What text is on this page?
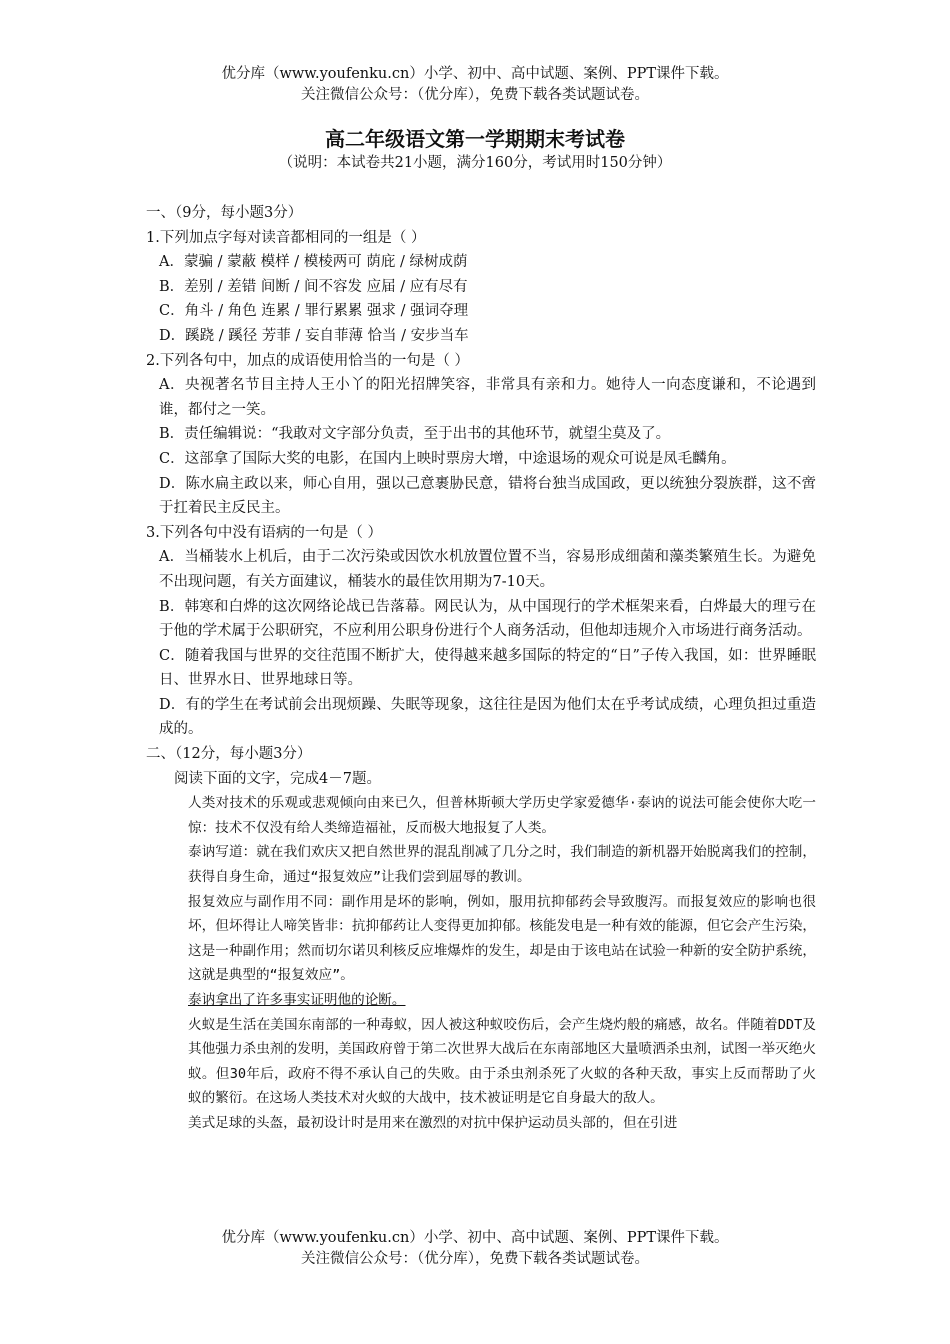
优分库（www.youfenku.cn）小学、初中、高中试题、案例、PPT课件下载。
关注微信公众号：（优分库），免费下载各类试题试卷。
高二年级语文第一学期期末考试卷
（说明：本试卷共21小题，满分160分，考试用时150分钟）

一、（9分，每小题3分）

1.下列加点字每对读音都相同的一组是（ ）

A．蒙骗 / 蒙蔽 模样 / 模棱两可 荫庇 / 绿树成荫

B．差别 / 差错 间断 / 间不容发 应届 / 应有尽有

C．角斗 / 角色 连累 / 罪行累累 强求 / 强词夺理

D．蹊跷 / 蹊径 芳菲 / 妄自菲薄 恰当 / 安步当车

2.下列各句中，加点的成语使用恰当的一句是（ ）

A．央视著名节目主持人王小丫的阳光招牌笑容，非常具有亲和力。她待人一向态度谦和，不论遇到谁，都付之一笑。

B．责任编辑说：“我敢对文字部分负责，至于出书的其他环节，就望尘莫及了。

C．这部拿了国际大奖的电影，在国内上映时票房大增，中途退场的观众可说是凤毛麟角。

D．陈水扁主政以来，师心自用，强以己意裹胁民意，错将台独当成国政，更以统独分裂族群，这不啻于扛着民主反民主。

3.下列各句中没有语病的一句是（ ）

A．当桶装水上机后，由于二次污染或因饮水机放置位置不当，容易形成细菌和藻类繁殖生长。为避免不出现问题，有关方面建议，桶装水的最佳饮用期为7-10天。

B．韩寒和白烨的这次网络论战已告落幕。网民认为，从中国现行的学术框架来看，白烨最大的理亏在于他的学术属于公职研究，不应利用公职身份进行个人商务活动，但他却违规介入市场进行商务活动。

C．随着我国与世界的交往范围不断扩大，使得越来越多国际的特定的“日”子传入我国，如：世界睡眠日、世界水日、世界地球日等。

D．有的学生在考试前会出现烦躁、失眠等现象，这往往是因为他们太在乎考试成绩，心理负担过重造成的。

二、（12分，每小题3分）

阅读下面的文字，完成4－7题。

人类对技术的乐观或悲观倾向由来已久，但普林斯顿大学历史学家爱德华·泰讷的说法可能会使你大吃一惊：技术不仅没有给人类缔造福祉，反而极大地报复了人类。

泰讷写道：就在我们欢庆又把自然世界的混乱削减了几分之时，我们制造的新机器开始脱离我们的控制，获得自身生命，通过“报复效应”让我们尝到屈辱的教训。

报复效应与副作用不同：副作用是坏的影响，例如，服用抗抑郁药会导致腹泻。而报复效应的影响也很坏，但坏得让人啼笑皆非：抗抑郁药让人变得更加抑郁。核能发电是一种有效的能源，但它会产生污染，这是一种副作用；然而切尔诺贝利核反应堆爆炸的发生，却是由于该电站在试验一种新的安全防护系统，这就是典型的“报复效应”。

泰讷拿出了许多事实证明他的论断。

火蚁是生活在美国东南部的一种毒蚁，因人被这种蚁咬伤后，会产生烧灼般的痛感，故名。伴随着DDT及其他强力杀虫剂的发明，美国政府曾于第二次世界大战后在东南部地区大量喷洒杀虫剂，试图一举灭绝火蚁。但30年后，政府不得不承认自己的失败。由于杀虫剂杀死了火蚁的各种天敌，事实上反而帮助了火蚁的繁衍。在这场人类技术对火蚁的大战中，技术被证明是它自身最大的敌人。

美式足球的头盔，最初设计时是用来在激烈的对抗中保护运动员头部的，但在引进

优分库（www.youfenku.cn）小学、初中、高中试题、案例、PPT课件下载。
关注微信公众号：（优分库），免费下载各类试题试卷。
